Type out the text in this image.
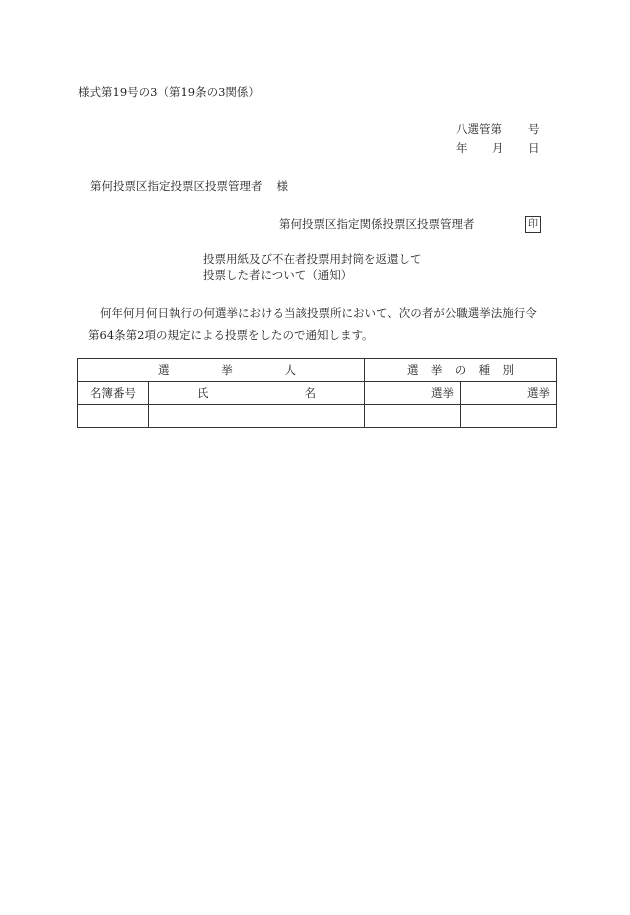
様式第19号の3（第19条の3関係）
八選管第 号
年 月 日
第何投票区指定投票区投票管理者 様
第何投票区指定関係投票区投票管理者	印
投票用紙及び不在者投票用封筒を返還して
投票した者について（通知）

何年何月何日執行の何選挙における当該投票所において、次の者が公職選挙法施行令

第64条第2項の規定による投票をしたので通知します。

選 挙 人		選 挙 の 種 別	

名簿番号	氏 名	選挙	選挙
